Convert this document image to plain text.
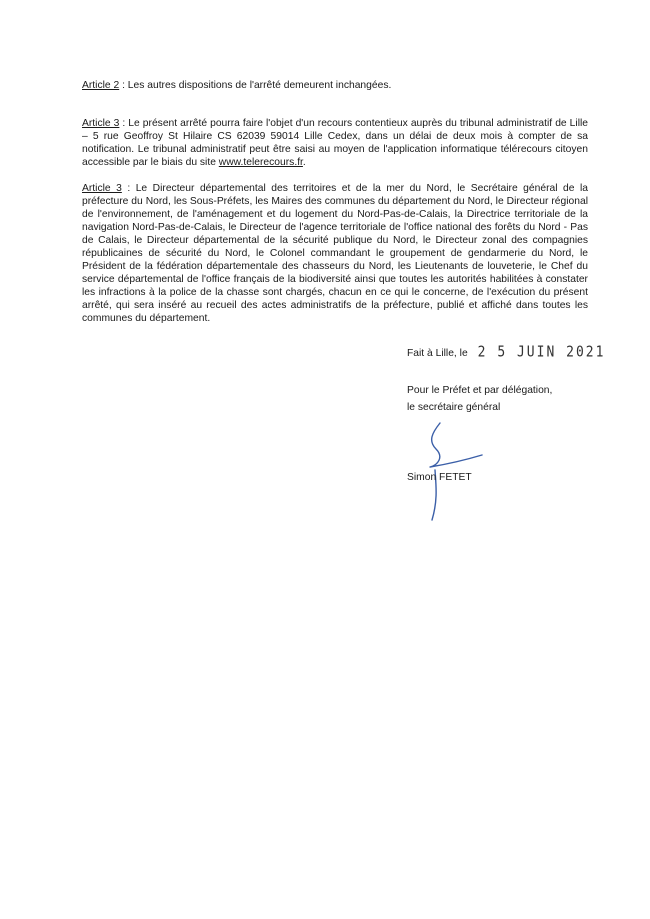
Article 2 : Les autres dispositions de l'arrêté demeurent inchangées.

Article 3 : Le présent arrêté pourra faire l'objet d'un recours contentieux auprès du tribunal administratif de Lille – 5 rue Geoffroy St Hilaire CS 62039 59014 Lille Cedex, dans un délai de deux mois à compter de sa notification. Le tribunal administratif peut être saisi au moyen de l'application informatique télérecours citoyen accessible par le biais du site www.telerecours.fr.

Article 3 : Le Directeur départemental des territoires et de la mer du Nord, le Secrétaire général de la préfecture du Nord, les Sous-Préfets, les Maires des communes du département du Nord, le Directeur régional de l'environnement, de l'aménagement et du logement du Nord-Pas-de-Calais, la Directrice territoriale de la navigation Nord-Pas-de-Calais, le Directeur de l'agence territoriale de l'office national des forêts du Nord - Pas de Calais, le Directeur départemental de la sécurité publique du Nord, le Directeur zonal des compagnies républicaines de sécurité du Nord, le Colonel commandant le groupement de gendarmerie du Nord, le Président de la fédération départementale des chasseurs du Nord, les Lieutenants de louveterie, le Chef du service départemental de l'office français de la biodiversité ainsi que toutes les autorités habilitées à constater les infractions à la police de la chasse sont chargés, chacun en ce qui le concerne, de l'exécution du présent arrêté, qui sera inséré au recueil des actes administratifs de la préfecture, publié et affiché dans toutes les communes du département.

Fait à Lille, le 2 5 JUIN 2021
Pour le Préfet et par délégation,
le secrétaire général
Simon FETET
